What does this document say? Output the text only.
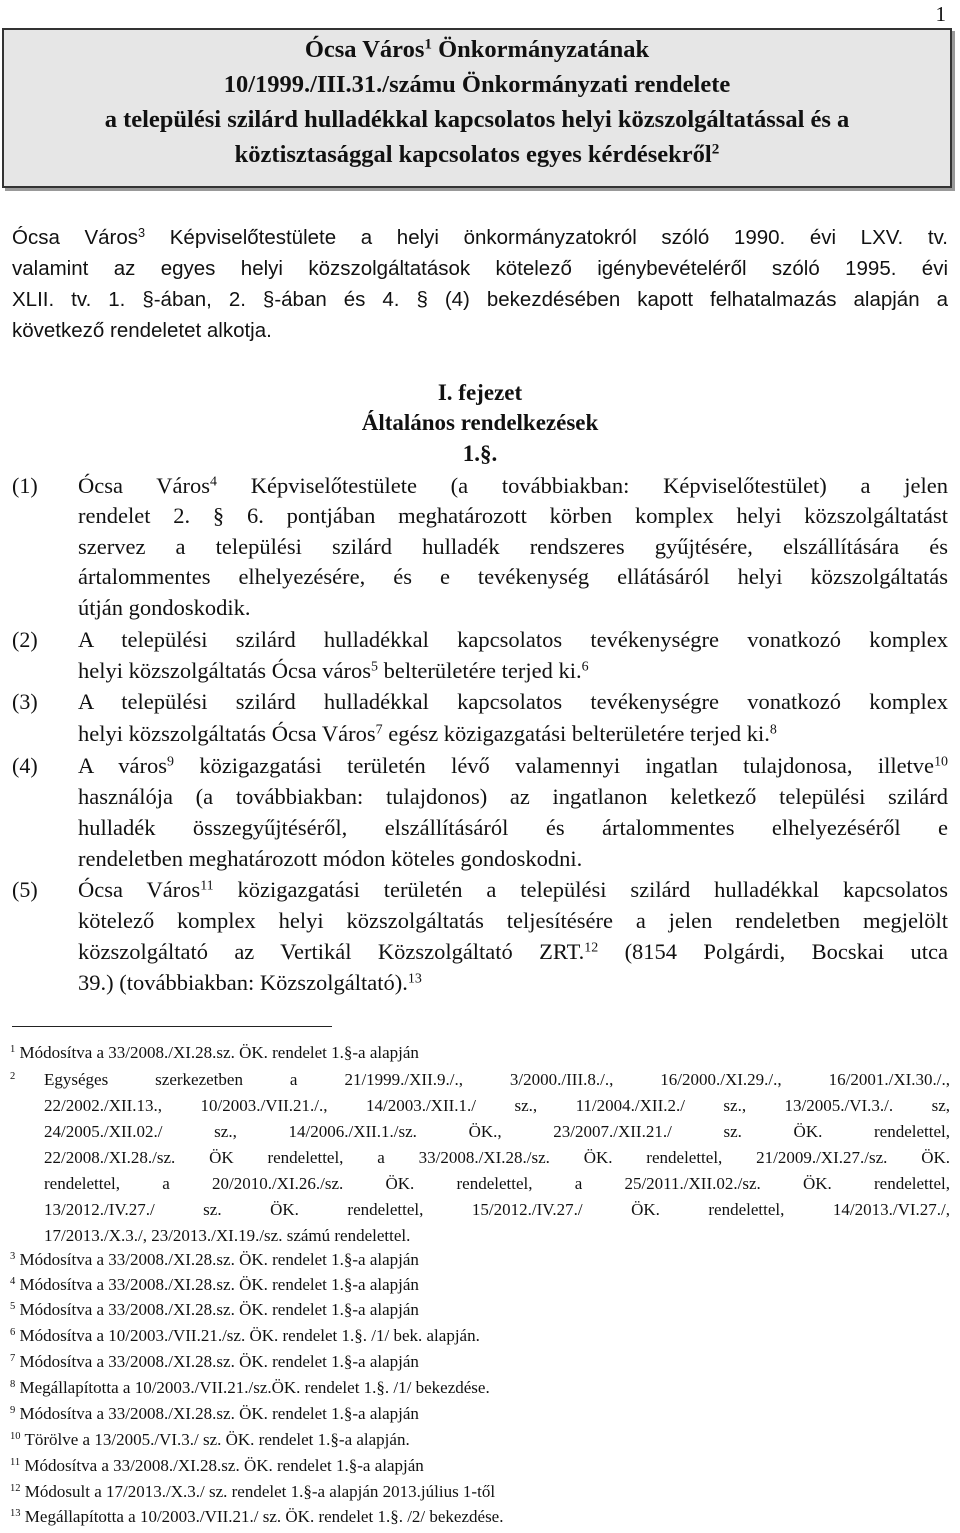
1
Ócsa Város$^1$ Önkormányzatának
10/1999./III.31./számu Önkormányzati rendelete
a települési szilárd hulladékkal kapcsolatos helyi közszolgáltatással és a
köztisztasággal kapcsolatos egyes kérdésekről$^2$
Ócsa Város$^3$ Képviselőtestülete a helyi önkormányzatokról szóló 1990. évi LXV. tv.
valamint az egyes helyi közszolgáltatások kötelező igénybevételéről szóló 1995. évi
XLII. tv. 1. §-ában, 2. §-ában és 4. § (4) bekezdésében kapott felhatalmazás alapján a
következő rendeletet alkotja.
I. fejezet
Általános rendelkezések
1.§.
(1) Ócsa Város$^4$ Képviselőtestülete (a továbbiakban: Képviselőtestület) a jelen
rendelet 2. § 6. pontjában meghatározott körben komplex helyi közszolgáltatást
szervez a települési szilárd hulladék rendszeres gyűjtésére, elszállítására és
ártalommentes elhelyezésére, és e tevékenység ellátásáról helyi közszolgáltatás
útján gondoskodik.
(2) A települési szilárd hulladékkal kapcsolatos tevékenységre vonatkozó komplex
helyi közszolgáltatás Ócsa város$^5$ belterületére terjed ki.$^6$
(3) A települési szilárd hulladékkal kapcsolatos tevékenységre vonatkozó komplex
helyi közszolgáltatás Ócsa Város$^7$ egész közigazgatási belterületére terjed ki.$^8$
(4) A város$^9$ közigazgatási területén lévő valamennyi ingatlan tulajdonosa, illetve$^{10}$
használója (a továbbiakban: tulajdonos) az ingatlanon keletkező települési szilárd
hulladék összegyűjtéséről, elszállításáról és ártalommentes elhelyezéséről e
rendeletben meghatározott módon köteles gondoskodni.
(5) Ócsa Város$^{11}$ közigazgatási területén a települési szilárd hulladékkal kapcsolatos
kötelező komplex helyi közszolgáltatás teljesítésére a jelen rendeletben megjelölt
közszolgáltató az Vertikál Közszolgáltató ZRT.$^{12}$ (8154 Polgárdi, Bocskai utca
39.) (továbbiakban: Közszolgáltató).$^{13}$
$^1$ Módosítva a 33/2008./XI.28.sz. ÖK. rendelet 1.§-a alapján
$^2$ Egységes szerkezetben a 21/1999./XII.9./., 3/2000./III.8./., 16/2000./XI.29./., 16/2001./XI.30./.,
22/2002./XII.13., 10/2003./VII.21./., 14/2003./XII.1./ sz., 11/2004./XII.2./ sz., 13/2005./VI.3./. sz,
24/2005./XII.02./ sz., 14/2006./XII.1./sz. ÖK., 23/2007./XII.21./ sz. ÖK. rendelettel,
22/2008./XI.28./sz. ÖK rendelettel, a 33/2008./XI.28./sz. ÖK. rendelettel, 21/2009./XI.27./sz. ÖK.
rendelettel, a 20/2010./XI.26./sz. ÖK. rendelettel, a 25/2011./XII.02./sz. ÖK. rendelettel,
13/2012./IV.27./ sz. ÖK. rendelettel, 15/2012./IV.27./ ÖK. rendelettel, 14/2013./VI.27./,
17/2013./X.3./, 23/2013./XI.19./sz. számú rendelettel.
$^3$ Módosítva a 33/2008./XI.28.sz. ÖK. rendelet 1.§-a alapján
$^4$ Módosítva a 33/2008./XI.28.sz. ÖK. rendelet 1.§-a alapján
$^5$ Módosítva a 33/2008./XI.28.sz. ÖK. rendelet 1.§-a alapján
$^6$ Módosítva a 10/2003./VII.21./sz. ÖK. rendelet 1.§. /1/ bek. alapján.
$^7$ Módosítva a 33/2008./XI.28.sz. ÖK. rendelet 1.§-a alapján
$^8$ Megállapította a 10/2003./VII.21./sz.ÖK. rendelet 1.§. /1/ bekezdése.
$^9$ Módosítva a 33/2008./XI.28.sz. ÖK. rendelet 1.§-a alapján
$^{10}$ Törölve a 13/2005./VI.3./ sz. ÖK. rendelet 1.§-a alapján.
$^{11}$ Módosítva a 33/2008./XI.28.sz. ÖK. rendelet 1.§-a alapján
$^{12}$ Módosult a 17/2013./X.3./ sz. rendelet 1.§-a alapján 2013.július 1-től
$^{13}$ Megállapította a 10/2003./VII.21./ sz. ÖK. rendelet 1.§. /2/ bekezdése.
